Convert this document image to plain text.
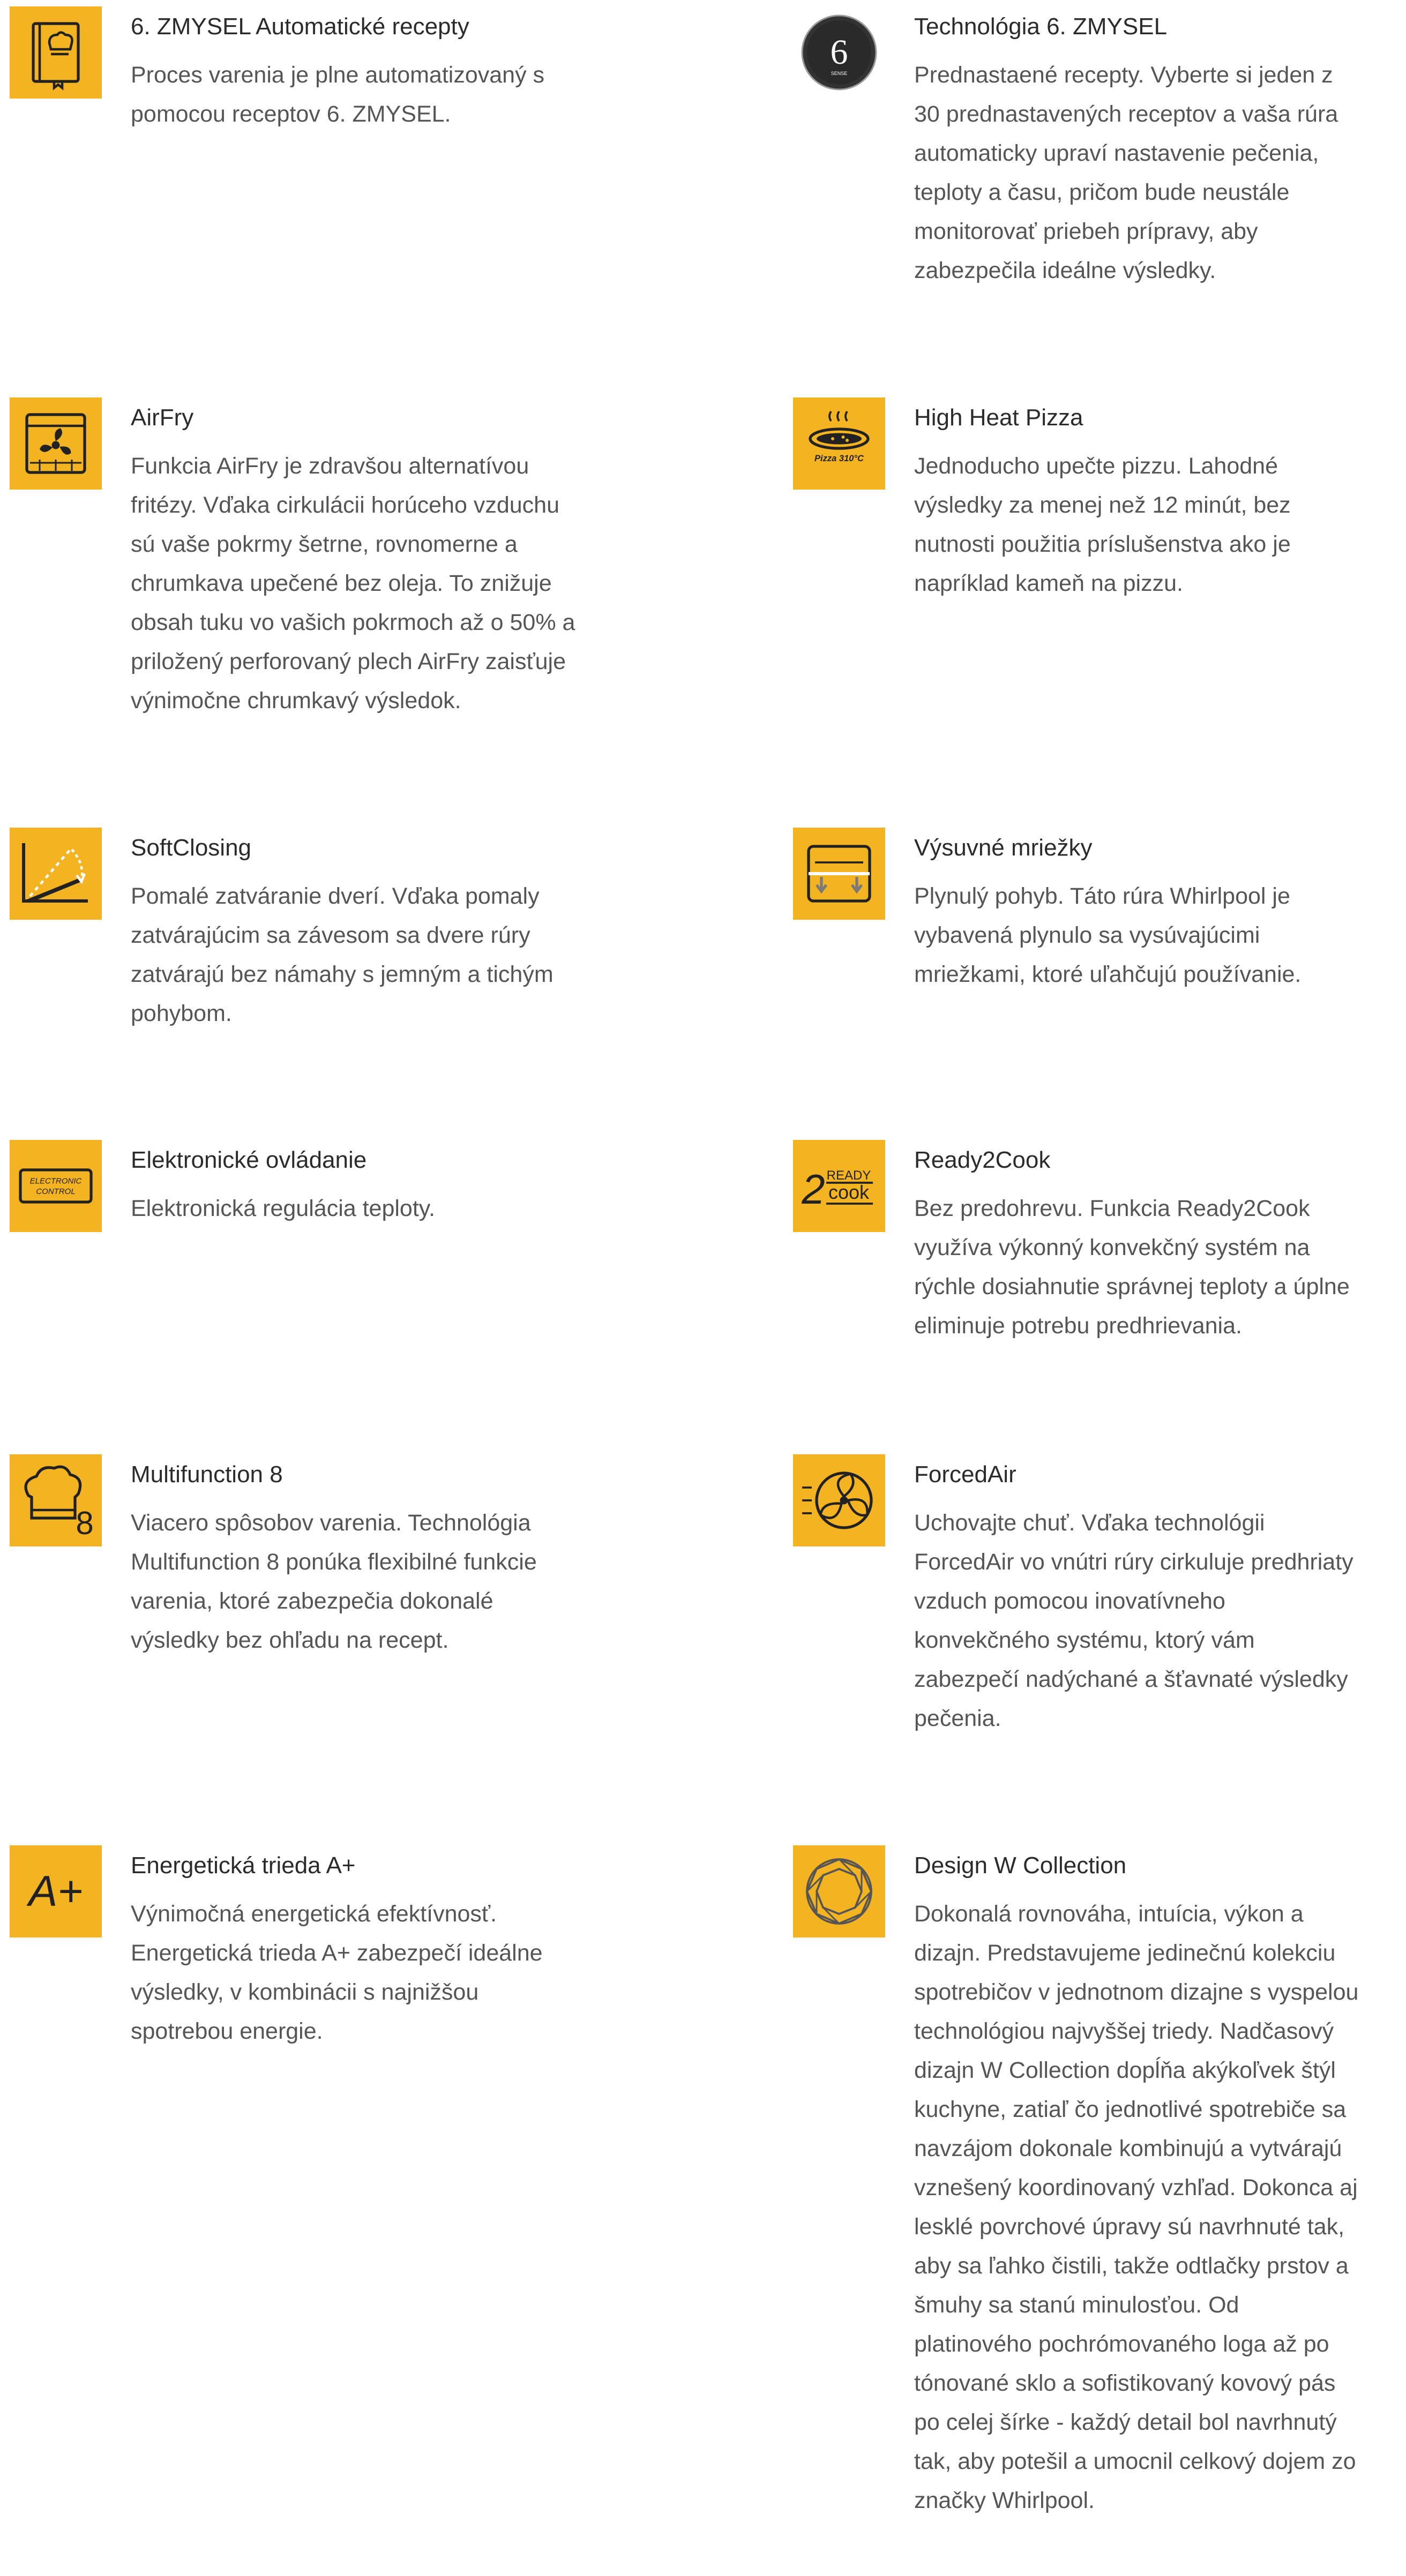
6. ZMYSEL Automatické recepty

Proces varenia je plne automatizovaný s pomocou receptov 6. ZMYSEL.

6
SENSE
Technológia 6. ZMYSEL

Prednastaené recepty. Vyberte si jeden z 30 prednastavených receptov a vaša rúra automaticky upraví nastavenie pečenia, teploty a času, pričom bude neustále monitorovať priebeh prípravy, aby zabezpečila ideálne výsledky.

AirFry

Funkcia AirFry je zdravšou alternatívou fritézy. Vďaka cirkulácii horúceho vzduchu sú vaše pokrmy šetrne, rovnomerne a chrumkava upečené bez oleja. To znižuje obsah tuku vo vašich pokrmoch až o 50% a priložený perforovaný plech AirFry zaisťuje výnimočne chrumkavý výsledok.

Pizza 310°C
High Heat Pizza

Jednoducho upečte pizzu. Lahodné výsledky za menej než 12 minút, bez nutnosti použitia príslušenstva ako je napríklad kameň na pizzu.

SoftClosing

Pomalé zatváranie dverí. Vďaka pomaly zatvárajúcim sa závesom sa dvere rúry zatvárajú bez námahy s jemným a tichým pohybom.

Výsuvné mriežky

Plynulý pohyb. Táto rúra Whirlpool je vybavená plynulo sa vysúvajúcimi mriežkami, ktoré uľahčujú používanie.

ELECTRONIC
CONTROL
Elektronické ovládanie

Elektronická regulácia teploty.	2 READY
cook
Ready2Cook

Bez predohrevu. Funkcia Ready2Cook využíva výkonný konvekčný systém na rýchle dosiahnutie správnej teploty a úplne eliminuje potrebu predhrievania.

8
Multifunction 8

Viacero spôsobov varenia. Technológia Multifunction 8 ponúka flexibilné funkcie varenia, ktoré zabezpečia dokonalé výsledky bez ohľadu na recept.

ForcedAir

Uchovajte chuť. Vďaka technológii ForcedAir vo vnútri rúry cirkuluje predhriaty vzduch pomocou inovatívneho konvekčného systému, ktorý vám zabezpečí nadýchané a šťavnaté výsledky pečenia.

A+
Energetická trieda A+

Výnimočná energetická efektívnosť. Energetická trieda A+ zabezpečí ideálne výsledky, v kombinácii s najnižšou spotrebou energie.

Design W Collection

Dokonalá rovnováha, intuícia, výkon a dizajn. Predstavujeme jedinečnú kolekciu spotrebičov v jednotnom dizajne s vyspelou technológiou najvyššej triedy. Nadčasový dizajn W Collection dopĺňa akýkoľvek štýl kuchyne, zatiaľ čo jednotlivé spotrebiče sa navzájom dokonale kombinujú a vytvárajú vznešený koordinovaný vzhľad. Dokonca aj lesklé povrchové úpravy sú navrhnuté tak, aby sa ľahko čistili, takže odtlačky prstov a šmuhy sa stanú minulosťou. Od platinového pochrómovaného loga až po tónované sklo a sofistikovaný kovový pás po celej šírke - každý detail bol navrhnutý tak, aby potešil a umocnil celkový dojem zo značky Whirlpool.
